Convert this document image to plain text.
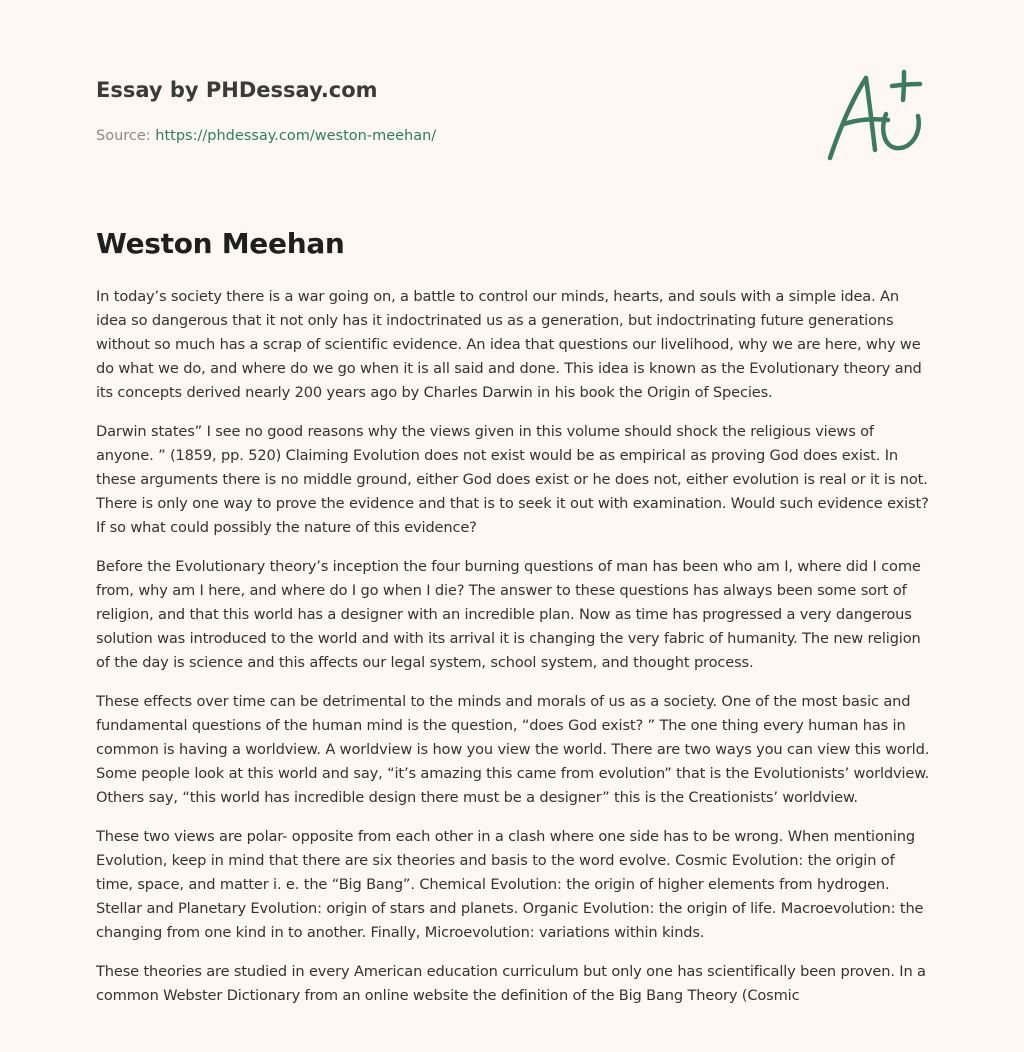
Essay by PHDessay.com
Source: https://phdessay.com/weston-meehan/
Weston Meehan

In today’s society there is a war going on, a battle to control our minds, hearts, and souls with a simple idea. An idea so dangerous that it not only has it indoctrinated us as a generation, but indoctrinating future generations without so much has a scrap of scientific evidence. An idea that questions our livelihood, why we are here, why we do what we do, and where do we go when it is all said and done. This idea is known as the Evolutionary theory and its concepts derived nearly 200 years ago by Charles Darwin in his book the Origin of Species.

Darwin states” I see no good reasons why the views given in this volume should shock the religious views of anyone. ” (1859, pp. 520) Claiming Evolution does not exist would be as empirical as proving God does exist. In these arguments there is no middle ground, either God does exist or he does not, either evolution is real or it is not. There is only one way to prove the evidence and that is to seek it out with examination. Would such evidence exist? If so what could possibly the nature of this evidence?

Before the Evolutionary theory’s inception the four burning questions of man has been who am I, where did I come from, why am I here, and where do I go when I die? The answer to these questions has always been some sort of religion, and that this world has a designer with an incredible plan. Now as time has progressed a very dangerous solution was introduced to the world and with its arrival it is changing the very fabric of humanity. The new religion of the day is science and this affects our legal system, school system, and thought process.

These effects over time can be detrimental to the minds and morals of us as a society. One of the most basic and fundamental questions of the human mind is the question, “does God exist? ” The one thing every human has in common is having a worldview. A worldview is how you view the world. There are two ways you can view this world. Some people look at this world and say, “it’s amazing this came from evolution” that is the Evolutionists’ worldview. Others say, “this world has incredible design there must be a designer” this is the Creationists’ worldview.

These two views are polar- opposite from each other in a clash where one side has to be wrong. When mentioning Evolution, keep in mind that there are six theories and basis to the word evolve. Cosmic Evolution: the origin of time, space, and matter i. e. the “Big Bang”. Chemical Evolution: the origin of higher elements from hydrogen. Stellar and Planetary Evolution: origin of stars and planets. Organic Evolution: the origin of life. Macroevolution: the changing from one kind in to another. Finally, Microevolution: variations within kinds.

These theories are studied in every American education curriculum but only one has scientifically been proven. In a common Webster Dictionary from an online website the definition of the Big Bang Theory (Cosmic
